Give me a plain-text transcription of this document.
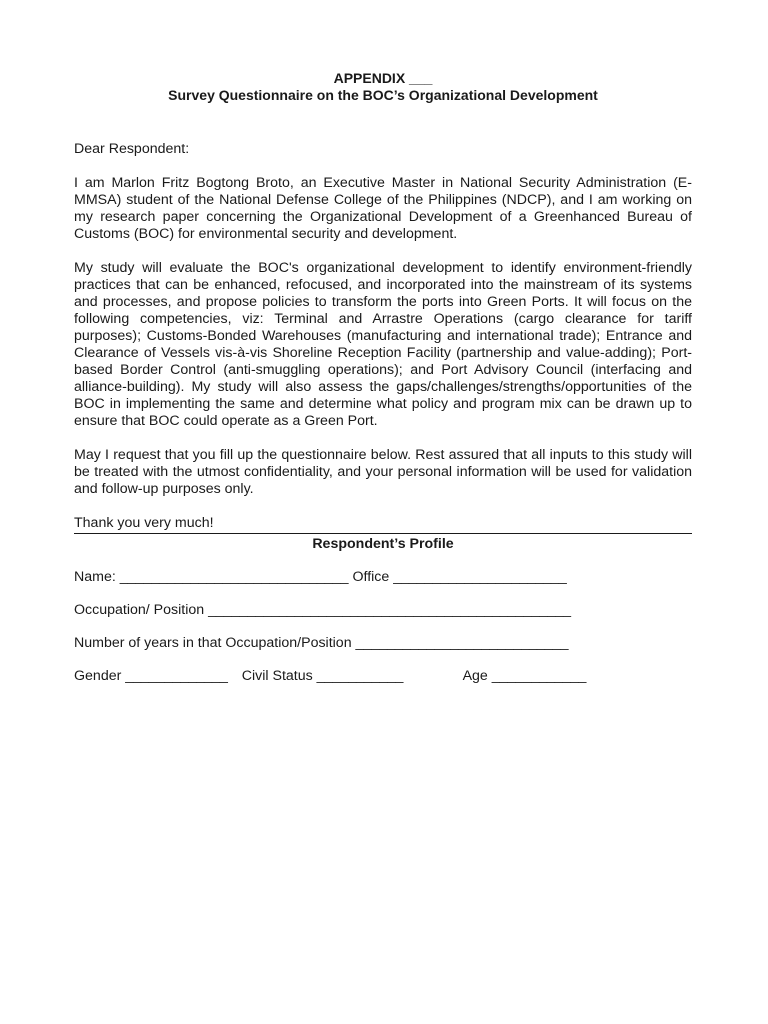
APPENDIX ___

Survey Questionnaire on the BOC’s Organizational Development

Dear Respondent:

I am Marlon Fritz Bogtong Broto, an Executive Master in National Security Administration (E-MMSA) student of the National Defense College of the Philippines (NDCP), and I am working on my research paper concerning the Organizational Development of a Greenhanced Bureau of Customs (BOC) for environmental security and development.

My study will evaluate the BOC's organizational development to identify environment-friendly practices that can be enhanced, refocused, and incorporated into the mainstream of its systems and processes, and propose policies to transform the ports into Green Ports. It will focus on the following competencies, viz: Terminal and Arrastre Operations (cargo clearance for tariff purposes); Customs-Bonded Warehouses (manufacturing and international trade); Entrance and Clearance of Vessels vis-à-vis Shoreline Reception Facility (partnership and value-adding); Port-based Border Control (anti-smuggling operations); and Port Advisory Council (interfacing and alliance-building). My study will also assess the gaps/challenges/strengths/opportunities of the BOC in implementing the same and determine what policy and program mix can be drawn up to ensure that BOC could operate as a Green Port.

May I request that you fill up the questionnaire below. Rest assured that all inputs to this study will be treated with the utmost confidentiality, and your personal information will be used for validation and follow-up purposes only.

Thank you very much!

Respondent’s Profile

Name: _____________________________ Office ______________________

Occupation/ Position ______________________________________________

Number of years in that Occupation/Position ___________________________

Gender _____________ Civil Status ___________	Age ____________
